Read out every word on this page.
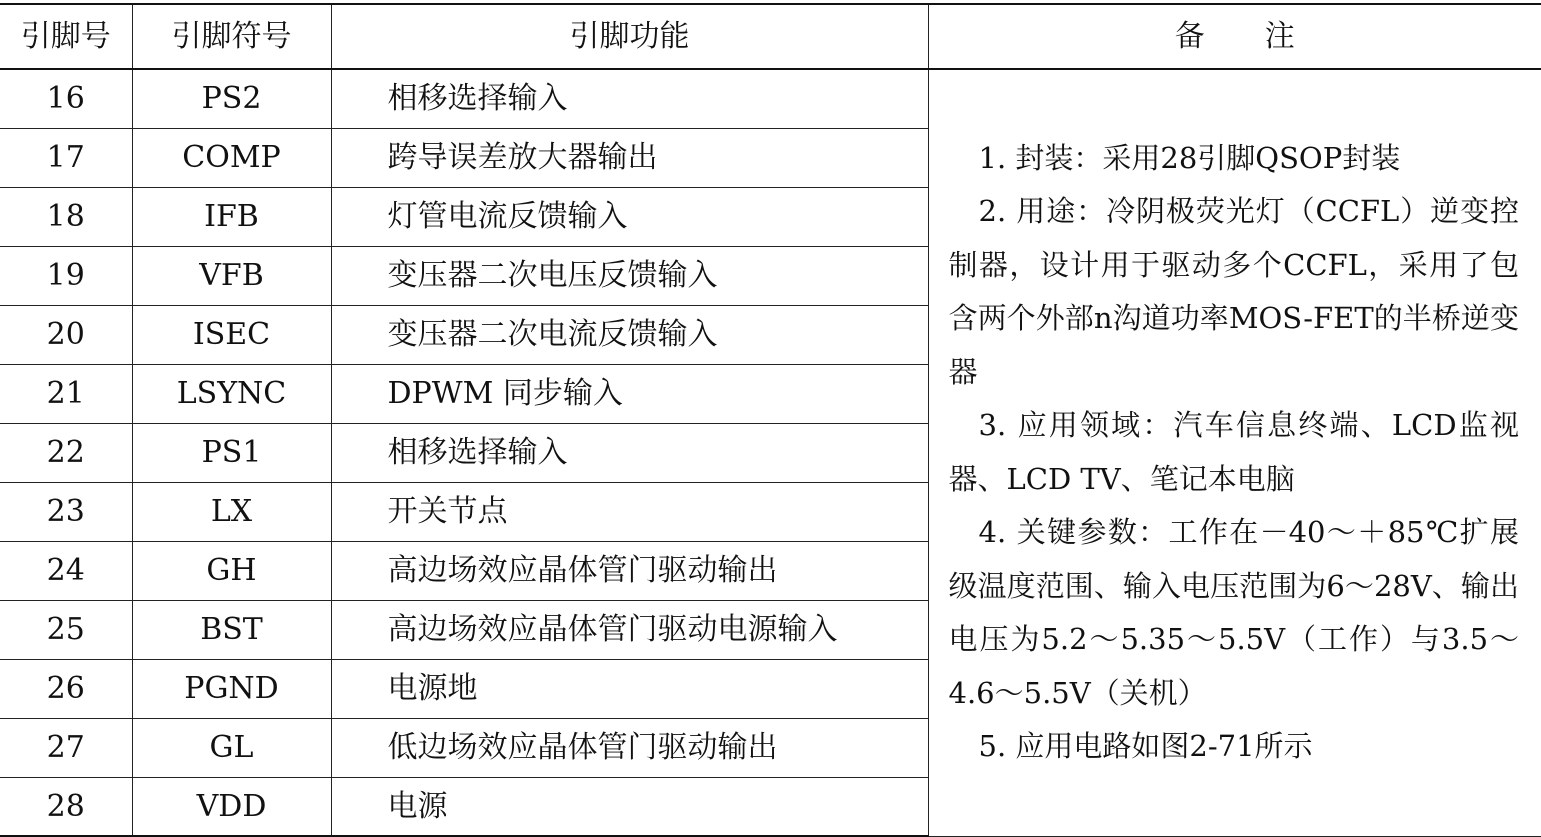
引脚号	引脚符号	引脚功能	备注
16	PS2	相移选择输入	1. 封装：采用28引脚QSOP封装
2. 用途：冷阴极荧光灯（CCFL）逆变控制器，设计用于驱动多个CCFL，采用了包含两个外部n沟道功率MOS-FET的半桥逆变器
3. 应用领域：汽车信息终端、LCD监视器、LCD TV、笔记本电脑
4. 关键参数：工作在－40～＋85℃扩展级温度范围、输入电压范围为6～28V、输出电压为5.2～5.35～5.5V（工作）与3.5～4.6～5.5V（关机）
5. 应用电路如图2-71所示

17	COMP	跨导误差放大器输出	
18	IFB	灯管电流反馈输入	
19	VFB	变压器二次电压反馈输入	
20	ISEC	变压器二次电流反馈输入	
21	LSYNC	DPWM 同步输入	
22	PS1	相移选择输入	
23	LX	开关节点	
24	GH	高边场效应晶体管门驱动输出	
25	BST	高边场效应晶体管门驱动电源输入	
26	PGND	电源地	
27	GL	低边场效应晶体管门驱动输出	
28	VDD	电源	
